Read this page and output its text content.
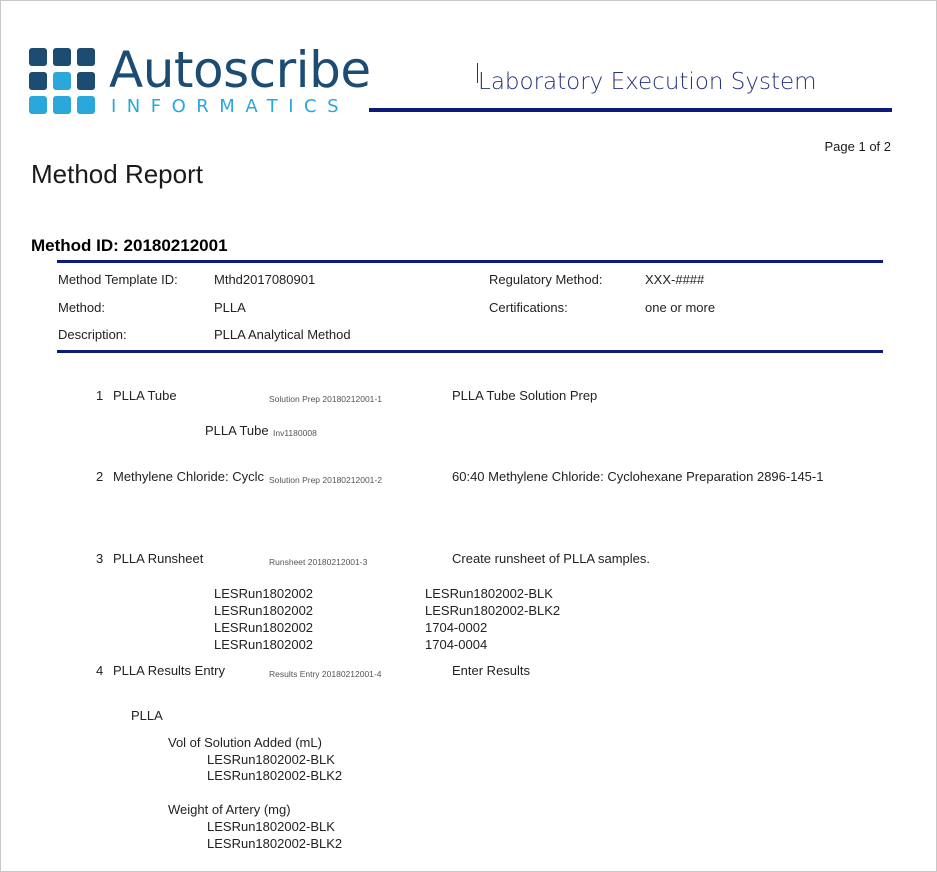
Autoscribe
INFORMATICS
Laboratory Execution System
Page 1 of 2
Method Report
Method ID: 20180212001
Method Template ID:	Mthd2017080901	Regulatory Method:	XXX-####
Method:	PLLA	Certifications:	one or more
Description:	PLLA Analytical Method
1 PLLA Tube	Solution Prep 20180212001-1	PLLA Tube Solution Prep
PLLA Tube Inv1180008
2 Methylene Chloride: Cyclc Solution Prep 20180212001-2	60:40 Methylene Chloride: Cyclohexane Preparation 2896-145-1
3 PLLA Runsheet	Runsheet 20180212001-3	Create runsheet of PLLA samples.
LESRun1802002	LESRun1802002-BLK
LESRun1802002	LESRun1802002-BLK2
LESRun1802002	1704-0002
LESRun1802002	1704-0004
4 PLLA Results Entry	Results Entry 20180212001-4	Enter Results
PLLA
Vol of Solution Added (mL)
LESRun1802002-BLK
LESRun1802002-BLK2
Weight of Artery (mg)
LESRun1802002-BLK
LESRun1802002-BLK2
